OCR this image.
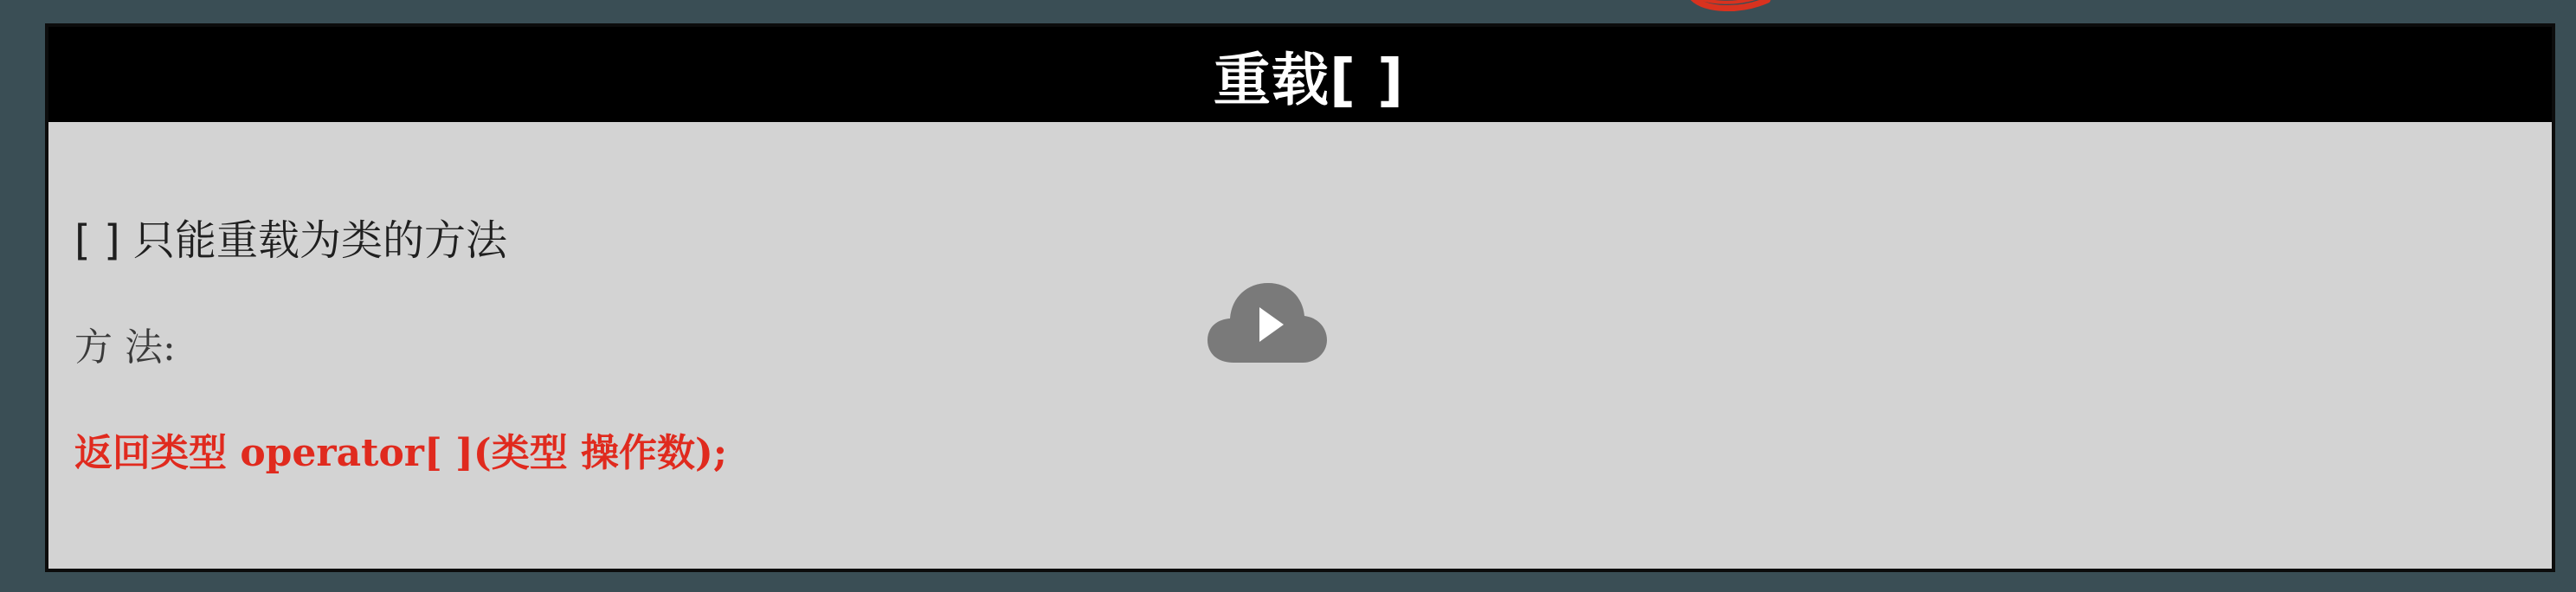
重载[ ]
[ ] 只能重载为类的方法
方 法:
返回类型 operator[ ](类型 操作数);
